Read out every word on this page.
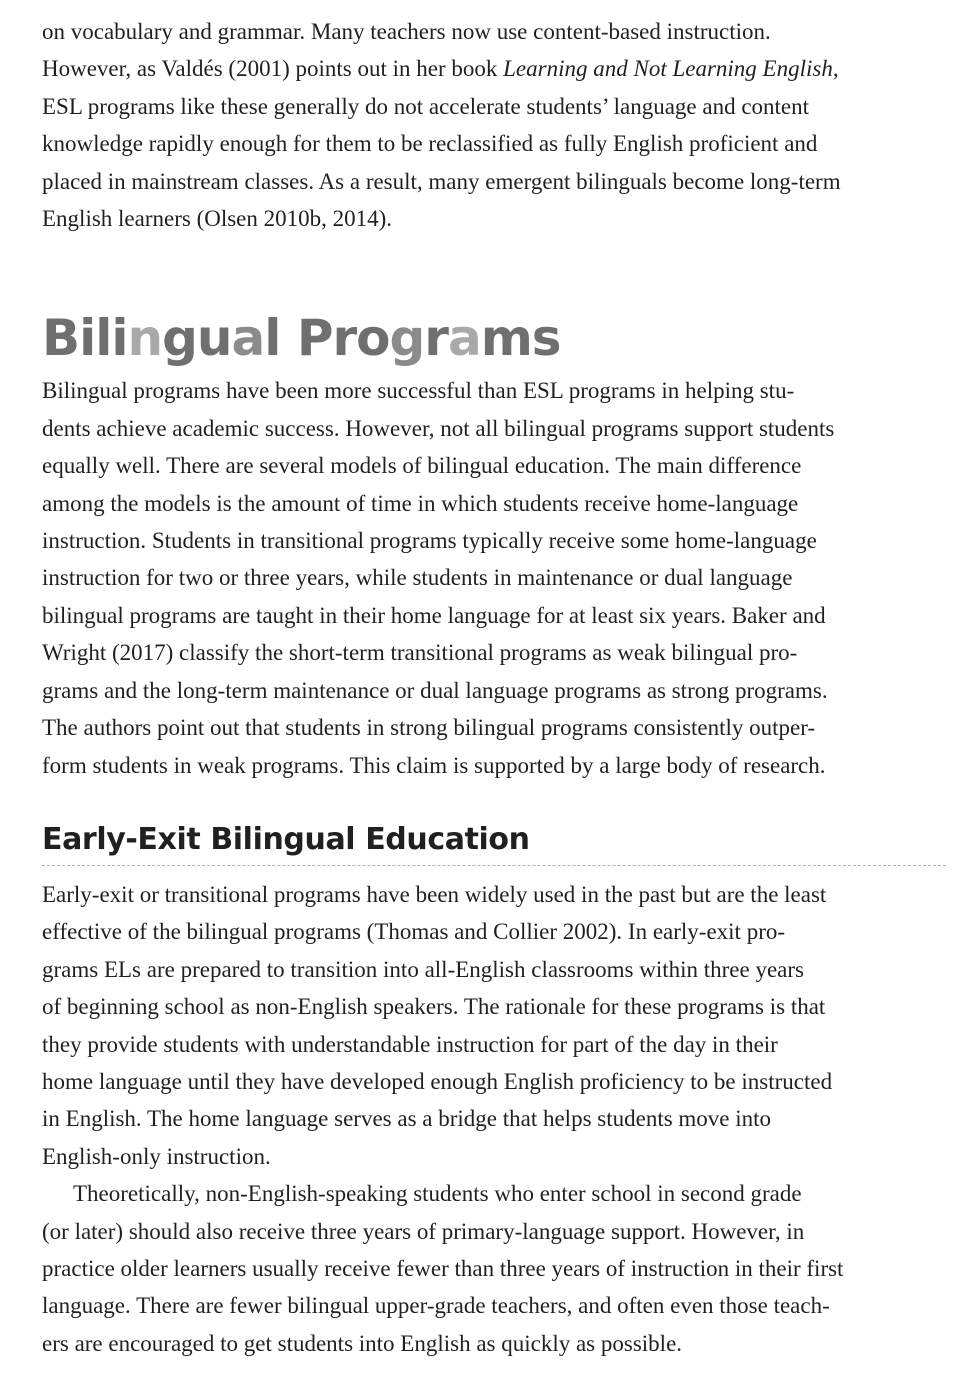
on vocabulary and grammar. Many teachers now use content-based instruction.
However, as Valdés (2001) points out in her book Learning and Not Learning English,
ESL programs like these generally do not accelerate students’ language and content
knowledge rapidly enough for them to be reclassified as fully English proficient and
placed in mainstream classes. As a result, many emergent bilinguals become long-term
English learners (Olsen 2010b, 2014).

Bilingual Programs

Bilingual programs have been more successful than ESL programs in helping stu-
dents achieve academic success. However, not all bilingual programs support students
equally well. There are several models of bilingual education. The main difference
among the models is the amount of time in which students receive home-language
instruction. Students in transitional programs typically receive some home-language
instruction for two or three years, while students in maintenance or dual language
bilingual programs are taught in their home language for at least six years. Baker and
Wright (2017) classify the short-term transitional programs as weak bilingual pro-
grams and the long-term maintenance or dual language programs as strong programs.
The authors point out that students in strong bilingual programs consistently outper-
form students in weak programs. This claim is supported by a large body of research.

Early-Exit Bilingual Education

Early-exit or transitional programs have been widely used in the past but are the least
effective of the bilingual programs (Thomas and Collier 2002). In early-exit pro-
grams ELs are prepared to transition into all-English classrooms within three years
of beginning school as non-English speakers. The rationale for these programs is that
they provide students with understandable instruction for part of the day in their
home language until they have developed enough English proficiency to be instructed
in English. The home language serves as a bridge that helps students move into
English-only instruction.

Theoretically, non-English-speaking students who enter school in second grade
(or later) should also receive three years of primary-language support. However, in
practice older learners usually receive fewer than three years of instruction in their first
language. There are fewer bilingual upper-grade teachers, and often even those teach-
ers are encouraged to get students into English as quickly as possible.
